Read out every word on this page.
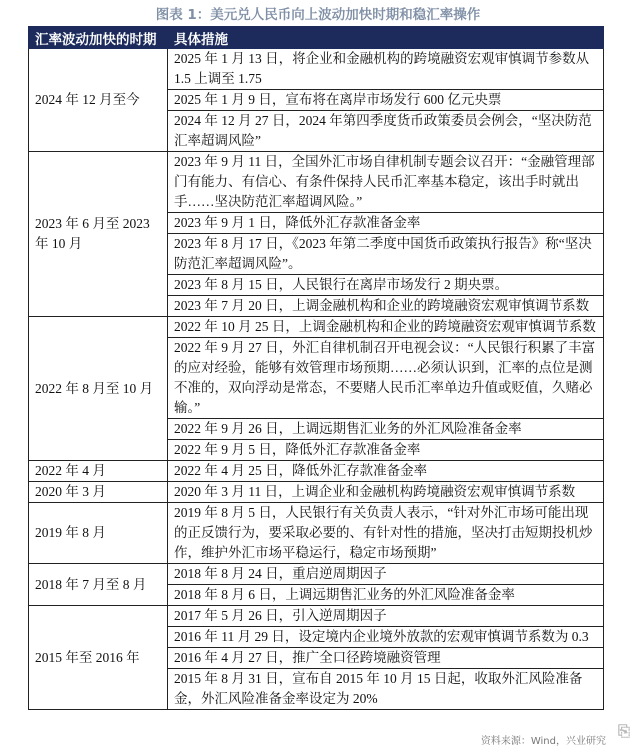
图表 1：美元兑人民币向上波动加快时期和稳汇率操作
汇率波动加快的时期	具体措施
2024 年 12 月至今	2025 年 1 月 13 日，将企业和金融机构的跨境融资宏观审慎调节参数从 1.5 上调至 1.75
	2025 年 1 月 9 日，宣布将在离岸市场发行 600 亿元央票
	2024 年 12 月 27 日，2024 年第四季度货币政策委员会例会，“坚决防范汇率超调风险”
2023 年 6 月至 2023 年 10 月	2023 年 9 月 11 日，全国外汇市场自律机制专题会议召开：“金融管理部门有能力、有信心、有条件保持人民币汇率基本稳定，该出手时就出手……坚决防范汇率超调风险。”
	2023 年 9 月 1 日，降低外汇存款准备金率
	2023 年 8 月 17 日，《2023 年第二季度中国货币政策执行报告》称“坚决防范汇率超调风险”。
	2023 年 8 月 15 日，人民银行在离岸市场发行 2 期央票。
	2023 年 7 月 20 日，上调金融机构和企业的跨境融资宏观审慎调节系数
2022 年 8 月至 10 月	2022 年 10 月 25 日，上调金融机构和企业的跨境融资宏观审慎调节系数
	2022 年 9 月 27 日，外汇自律机制召开电视会议：“人民银行积累了丰富的应对经验，能够有效管理市场预期……必须认识到，汇率的点位是测不准的，双向浮动是常态，不要赌人民币汇率单边升值或贬值，久赌必输。”
	2022 年 9 月 26 日，上调远期售汇业务的外汇风险准备金率
	2022 年 9 月 5 日，降低外汇存款准备金率
2022 年 4 月	2022 年 4 月 25 日，降低外汇存款准备金率
2020 年 3 月	2020 年 3 月 11 日，上调企业和金融机构跨境融资宏观审慎调节系数
2019 年 8 月	2019 年 8 月 5 日，人民银行有关负责人表示，“针对外汇市场可能出现的正反馈行为，要采取必要的、有针对性的措施，坚决打击短期投机炒作，维护外汇市场平稳运行，稳定市场预期”
2018 年 7 月至 8 月	2018 年 8 月 24 日，重启逆周期因子
	2018 年 8 月 6 日，上调远期售汇业务的外汇风险准备金率
2015 年至 2016 年	2017 年 5 月 26 日，引入逆周期因子
	2016 年 11 月 29 日，设定境内企业境外放款的宏观审慎调节系数为 0.3
	2016 年 4 月 27 日，推广全口径跨境融资管理
	2015 年 8 月 31 日，宣布自 2015 年 10 月 15 日起，收取外汇风险准备金，外汇风险准备金率设定为 20%
资料来源：Wind，兴业研究
⎘
